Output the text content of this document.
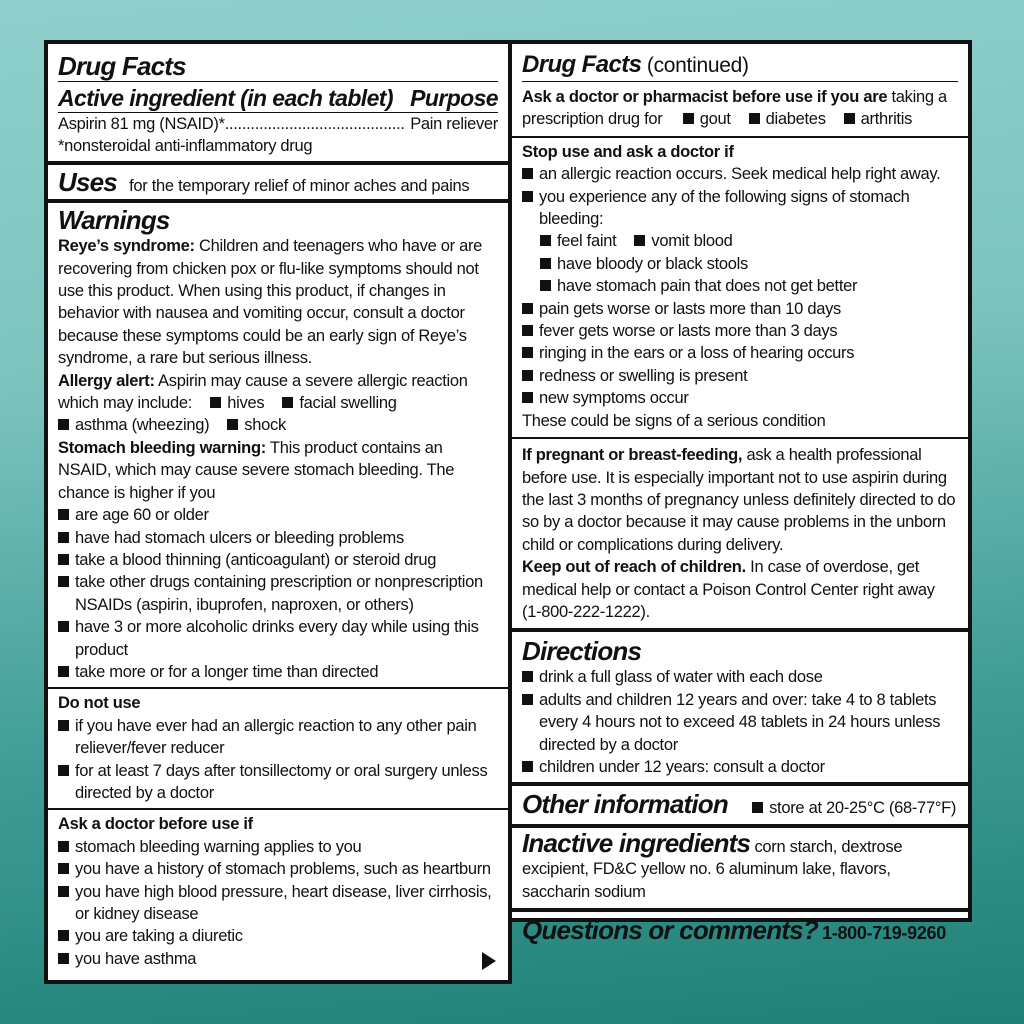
Drug Facts
Active ingredient (in each tablet) Purpose
Aspirin 81 mg (NSAID)*.......................................... Pain reliever
*nonsteroidal anti-inflammatory drug
Uses for the temporary relief of minor aches and pains
Warnings
Reye’s syndrome: Children and teenagers who have or are recovering from chicken pox or flu-like symptoms should not use this product. When using this product, if changes in behavior with nausea and vomiting occur, consult a doctor because these symptoms could be an early sign of Reye’s syndrome, a rare but serious illness.
Allergy alert: Aspirin may cause a severe allergic reaction which may include: hives facial swelling
asthma (wheezing) shock
Stomach bleeding warning: This product contains an NSAID, which may cause severe stomach bleeding. The chance is higher if you
are age 60 or older
have had stomach ulcers or bleeding problems
take a blood thinning (anticoagulant) or steroid drug
take other drugs containing prescription or nonprescription NSAIDs (aspirin, ibuprofen, naproxen, or others)
have 3 or more alcoholic drinks every day while using this product
take more or for a longer time than directed
Do not use
if you have ever had an allergic reaction to any other pain reliever/fever reducer
for at least 7 days after tonsillectomy or oral surgery unless directed by a doctor
Ask a doctor before use if
stomach bleeding warning applies to you
you have a history of stomach problems, such as heartburn
you have high blood pressure, heart disease, liver cirrhosis, or kidney disease
you are taking a diuretic
you have asthma
Drug Facts (continued)
Ask a doctor or pharmacist before use if you are taking a prescription drug for gout diabetes arthritis
Stop use and ask a doctor if
an allergic reaction occurs. Seek medical help right away.
you experience any of the following signs of stomach bleeding:
feel faint vomit bloodhave bloody or black stools
have stomach pain that does not get better
pain gets worse or lasts more than 10 days
fever gets worse or lasts more than 3 days
ringing in the ears or a loss of hearing occurs
redness or swelling is present
new symptoms occur
These could be signs of a serious condition
If pregnant or breast-feeding, ask a health professional before use. It is especially important not to use aspirin during the last 3 months of pregnancy unless definitely directed to do so by a doctor because it may cause problems in the unborn child or complications during delivery.
Keep out of reach of children. In case of overdose, get medical help or contact a Poison Control Center right away (1-800-222-1222).
Directions
drink a full glass of water with each dose
adults and children 12 years and over: take 4 to 8 tablets every 4 hours not to exceed 48 tablets in 24 hours unless directed by a doctor
children under 12 years: consult a doctor
Other information store at 20-25°C (68-77°F)
Inactive ingredients corn starch, dextrose excipient, FD&C yellow no. 6 aluminum lake, flavors, saccharin sodium
Questions or comments? 1-800-719-9260
